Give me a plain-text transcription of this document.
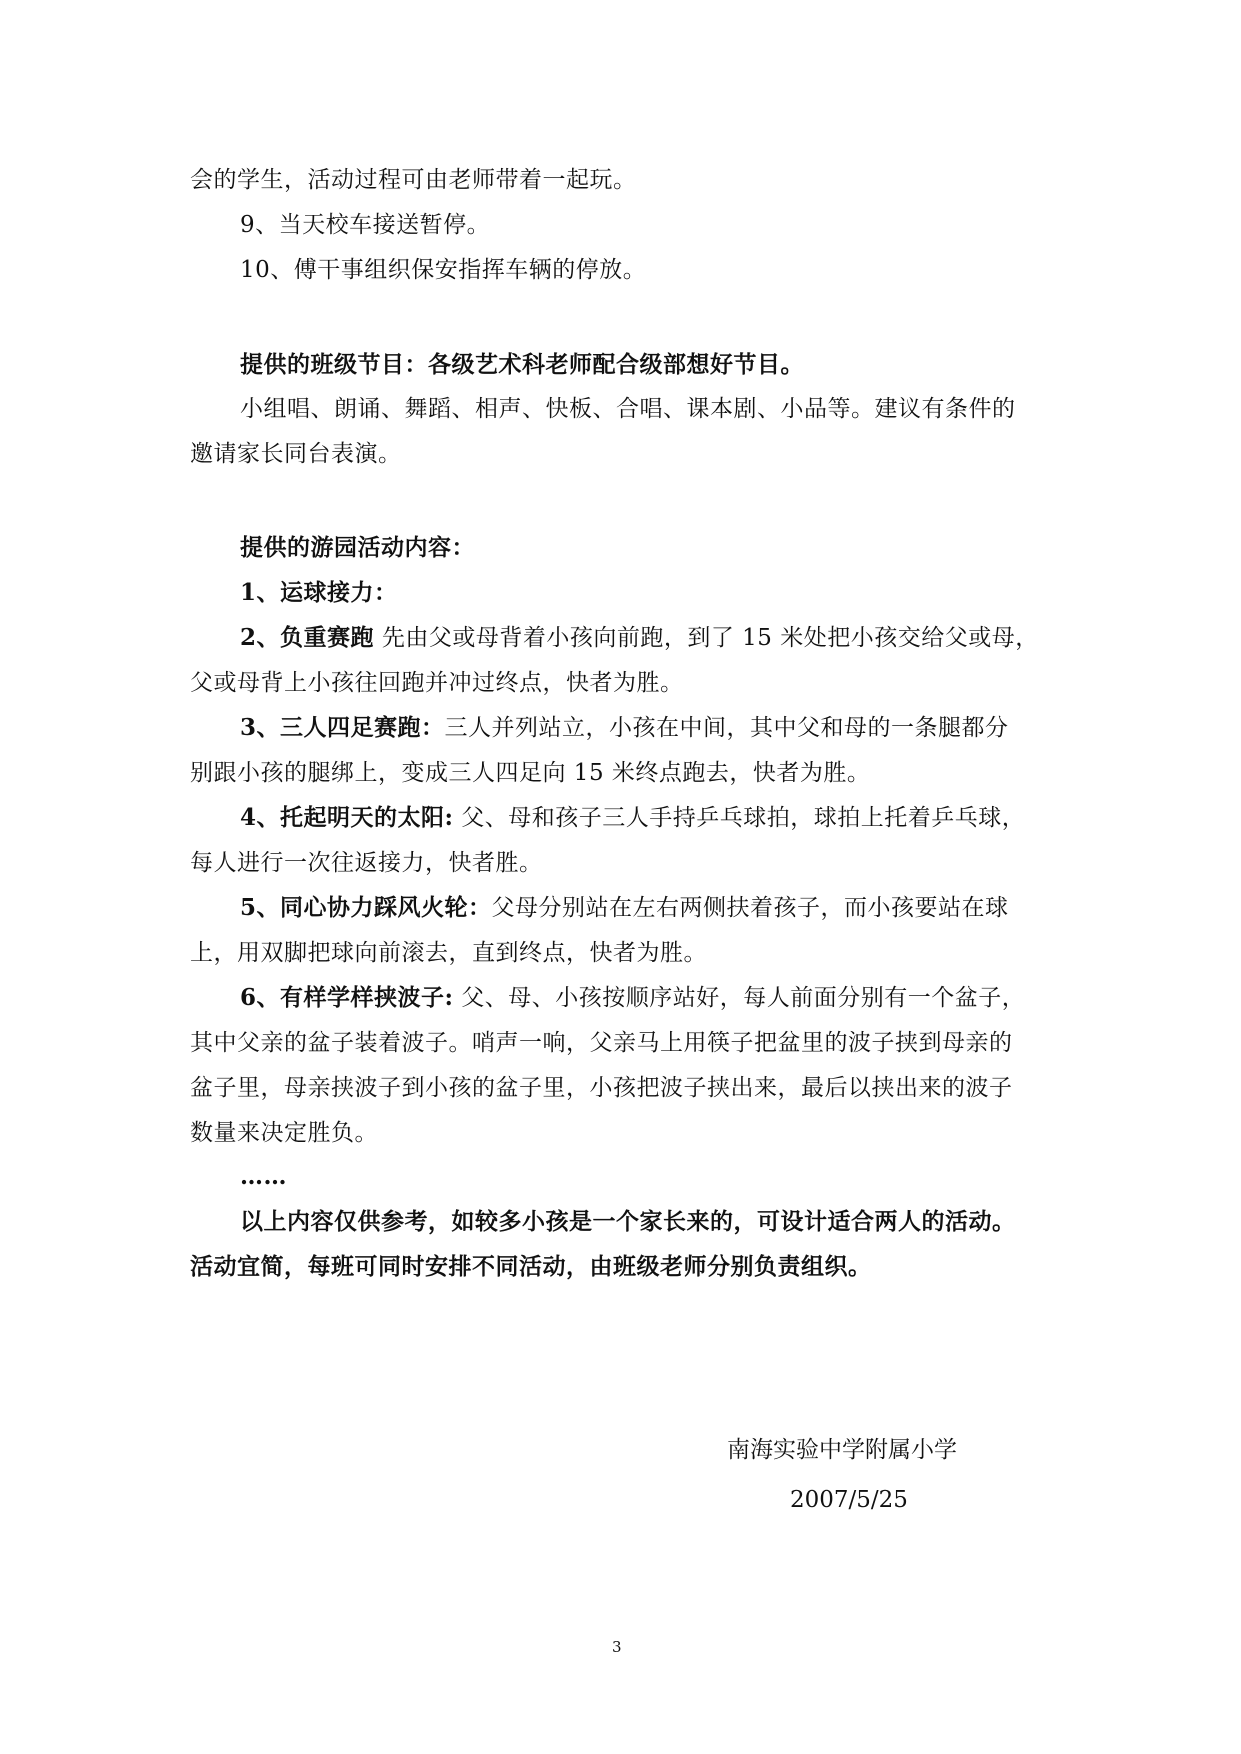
会的学生，活动过程可由老师带着一起玩。
9、当天校车接送暂停。
10、傅干事组织保安指挥车辆的停放。
提供的班级节目：各级艺术科老师配合级部想好节目。
小组唱、朗诵、舞蹈、相声、快板、合唱、课本剧、小品等。建议有条件的
邀请家长同台表演。
提供的游园活动内容：
1、运球接力：
2、负重赛跑 先由父或母背着小孩向前跑，到了 15 米处把小孩交给父或母，
父或母背上小孩往回跑并冲过终点，快者为胜。
3、三人四足赛跑：三人并列站立，小孩在中间，其中父和母的一条腿都分
别跟小孩的腿绑上，变成三人四足向 15 米终点跑去，快者为胜。
4、托起明天的太阳: 父、母和孩子三人手持乒乓球拍，球拍上托着乒乓球，
每人进行一次往返接力，快者胜。
5、同心协力踩风火轮：父母分别站在左右两侧扶着孩子，而小孩要站在球
上，用双脚把球向前滚去，直到终点，快者为胜。
6、有样学样挟波子: 父、母、小孩按顺序站好，每人前面分别有一个盆子，
其中父亲的盆子装着波子。哨声一响，父亲马上用筷子把盆里的波子挟到母亲的
盆子里，母亲挟波子到小孩的盆子里，小孩把波子挟出来，最后以挟出来的波子
数量来决定胜负。
……
以上内容仅供参考，如较多小孩是一个家长来的，可设计适合两人的活动。
活动宜简，每班可同时安排不同活动，由班级老师分别负责组织。
南海实验中学附属小学
2007/5/25
3
